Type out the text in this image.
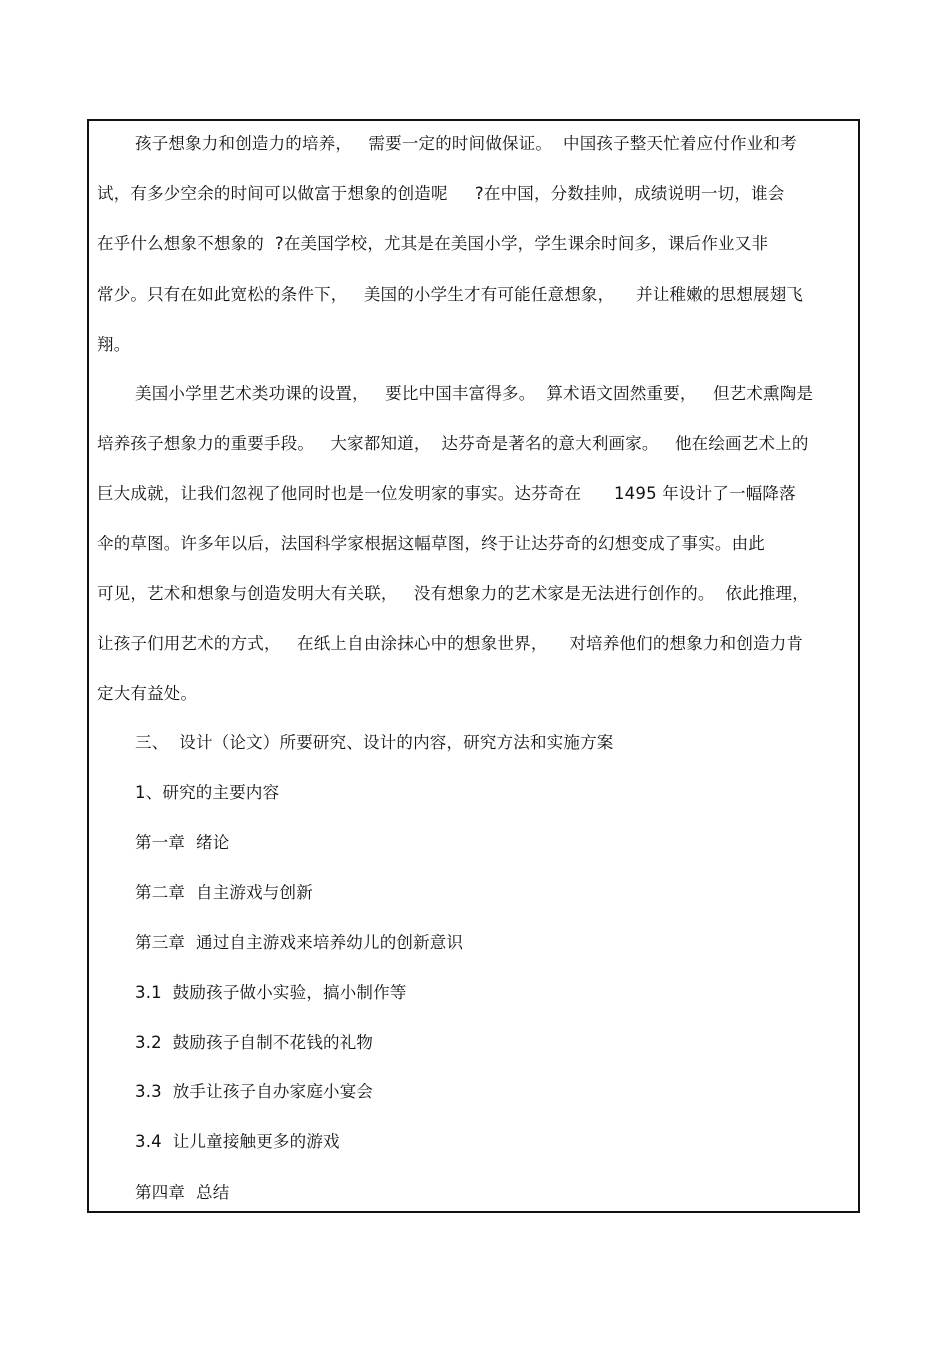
孩子想象力和创造力的培养，   需要一定的时间做保证。  中国孩子整天忙着应付作业和考
试，有多少空余的时间可以做富于想象的创造呢     ?在中国，分数挂帅，成绩说明一切，谁会
在乎什么想象不想象的  ?在美国学校，尤其是在美国小学，学生课余时间多，课后作业又非
常少。只有在如此宽松的条件下，   美国的小学生才有可能任意想象，    并让稚嫩的思想展翅飞
翔。
美国小学里艺术类功课的设置，   要比中国丰富得多。  算术语文固然重要，   但艺术熏陶是
培养孩子想象力的重要手段。   大家都知道，  达芬奇是著名的意大利画家。   他在绘画艺术上的
巨大成就，让我们忽视了他同时也是一位发明家的事实。达芬奇在      1495 年设计了一幅降落
伞的草图。许多年以后，法国科学家根据这幅草图，终于让达芬奇的幻想变成了事实。由此
可见，艺术和想象与创造发明大有关联，   没有想象力的艺术家是无法进行创作的。  依此推理，
让孩子们用艺术的方式，   在纸上自由涂抹心中的想象世界，    对培养他们的想象力和创造力肯
定大有益处。
三、  设计（论文）所要研究、设计的内容，研究方法和实施方案
1、研究的主要内容
第一章  绪论
第二章  自主游戏与创新
第三章  通过自主游戏来培养幼儿的创新意识
3.1  鼓励孩子做小实验，搞小制作等
3.2  鼓励孩子自制不花钱的礼物
3.3  放手让孩子自办家庭小宴会
3.4  让儿童接触更多的游戏
第四章  总结
